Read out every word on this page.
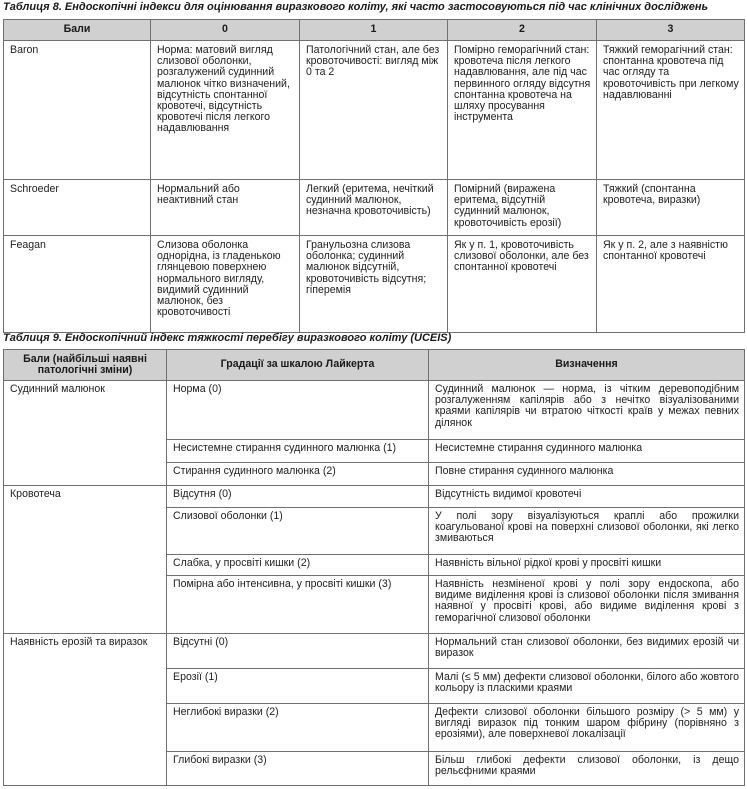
Таблиця 8. Ендоскопічні індекси для оцінювання виразкового коліту, які часто застосовуються під час клінічних досліджень
Бали	0	1	2	3
Baron	Норма: матовий вигляд слизової оболонки, розгалужений судинний малюнок чітко визначений, відсутність спонтанної кровотечі, відсутність кровотечі після легкого надавлювання	Патологічний стан, але без кровоточивості: вигляд між 0 та 2	Помірно геморагічний стан: кровотеча після легкого надавлювання, але під час первинного огляду відсутня спонтанна кровотеча на шляху просування інструмента	Тяжкий геморагічний стан: спонтанна кровотеча під час огляду та кровоточивість при легкому надавлюванні
Schroeder	Нормальний або неактивний стан	Легкий (еритема, нечіткий судинний малюнок, незначна кровоточивість)	Помірний (виражена еритема, відсутній судинний малюнок, кровоточивість ерозії)	Тяжкий (спонтанна кровотеча, виразки)
Feagan	Слизова оболонка однорідна, із гладенькою глянцевою поверхнею нормального вигляду, видимий судинний малюнок, без кровоточивості	Гранульозна слизова оболонка; судинний малюнок відсутній, кровоточивість відсутня; гіперемія	Як у п. 1, кровоточивість слизової оболонки, але без спонтанної кровотечі	Як у п. 2, але з наявністю спонтанної кровотечі
Таблиця 9. Ендоскопічний індекс тяжкості перебігу виразкового коліту (UCEIS)
Бали (найбільші наявні патологічні зміни)	Градації за шкалою Лайкерта	Визначення
Судинний малюнок	Норма (0)	Судинний малюнок — норма, із чітким деревоподібним розгалуженням капілярів або з нечітко візуалізованими краями капілярів чи втратою чіткості країв у межах певних ділянок
	Несистемне стирання судинного малюнка (1)	Несистемне стирання судинного малюнка
	Стирання судинного малюнка (2)	Повне стирання судинного малюнка
Кровотеча	Відсутня (0)	Відсутність видимої кровотечі
	Слизової оболонки (1)	У полі зору візуалізуються краплі або прожилки коагульованої крові на поверхні слизової оболонки, які легко змиваються
	Слабка, у просвіті кишки (2)	Наявність вільної рідкої крові у просвіті кишки
	Помірна або інтенсивна, у просвіті кишки (3)	Наявність незміненої крові у полі зору ендоскопа, або видиме виділення крові із слизової оболонки після змивання наявної у просвіті крові, або видиме виділення крові з геморагічної слизової оболонки
Наявність ерозій та виразок	Відсутні (0)	Нормальний стан слизової оболонки, без видимих ерозій чи виразок
	Ерозії (1)	Малі (≤ 5 мм) дефекти слизової оболонки, білого або жовтого кольору із пласкими краями
	Неглибокі виразки (2)	Дефекти слизової оболонки більшого розміру (> 5 мм) у вигляді виразок під тонким шаром фібрину (порівняно з ерозіями), але поверхневої локалізації
	Глибокі виразки (3)	Більш глибокі дефекти слизової оболонки, із дещо рельєфними краями
